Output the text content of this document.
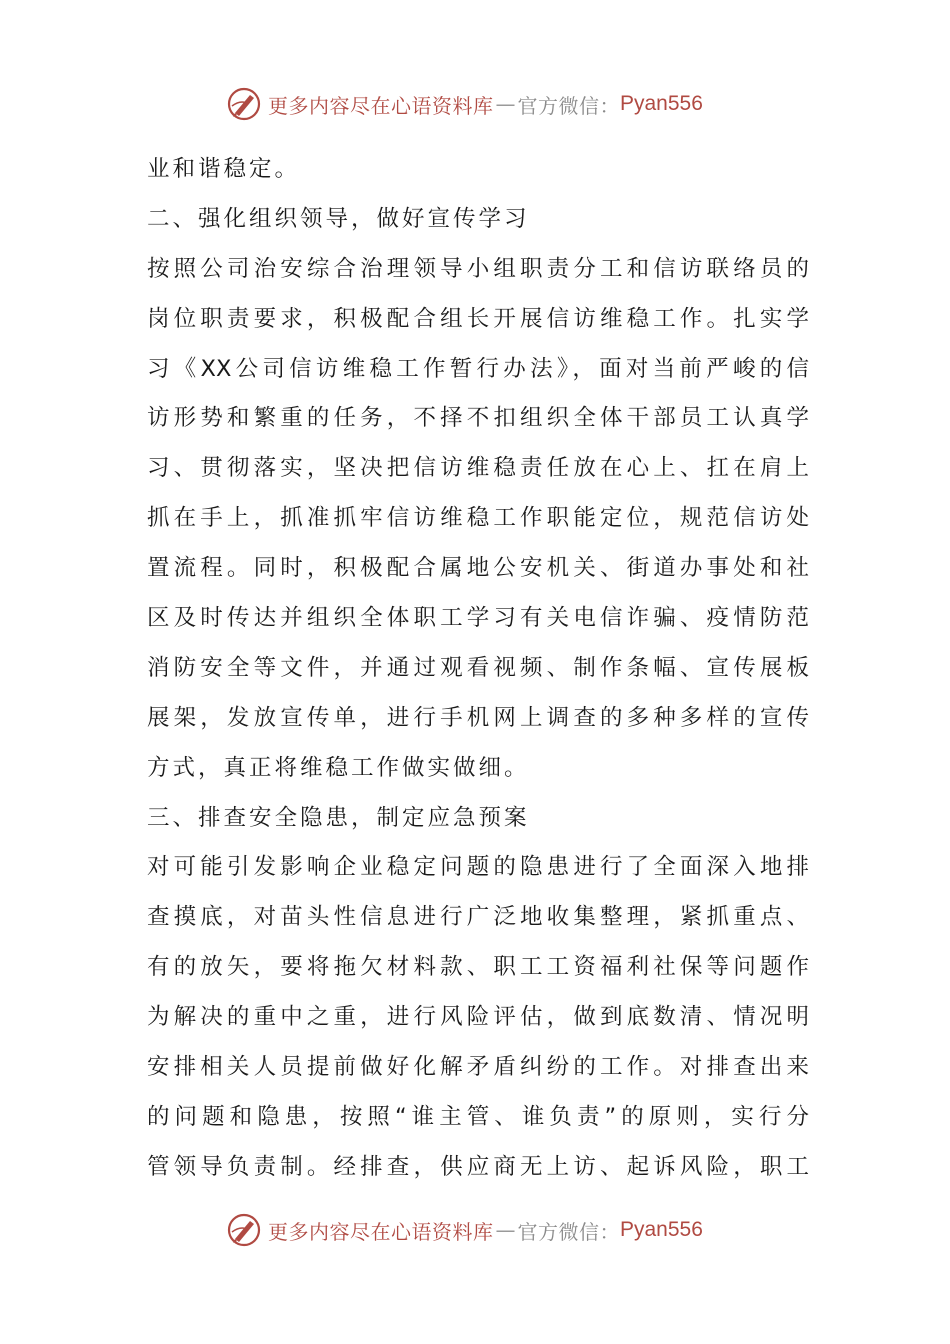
更多内容尽在心语资料库 — 官方微信： Pyan556
业和谐稳定。
二、强化组织领导，做好宣传学习
按照公司治安综合治理领导小组职责分工和信访联络员的
岗位职责要求，积极配合组长开展信访维稳工作。扎实学
习《XX公司信访维稳工作暂行办法》，面对当前严峻的信
访形势和繁重的任务，不择不扣组织全体干部员工认真学
习、贯彻落实，坚决把信访维稳责任放在心上、扛在肩上
抓在手上，抓准抓牢信访维稳工作职能定位，规范信访处
置流程。同时，积极配合属地公安机关、街道办事处和社
区及时传达并组织全体职工学习有关电信诈骗、疫情防范
消防安全等文件，并通过观看视频、制作条幅、宣传展板
展架，发放宣传单，进行手机网上调查的多种多样的宣传
方式，真正将维稳工作做实做细。
三、排查安全隐患，制定应急预案
对可能引发影响企业稳定问题的隐患进行了全面深入地排
查摸底，对苗头性信息进行广泛地收集整理，紧抓重点、
有的放矢，要将拖欠材料款、职工工资福利社保等问题作
为解决的重中之重，进行风险评估，做到底数清、情况明
安排相关人员提前做好化解矛盾纠纷的工作。对排查出来
的问题和隐患，按照“谁主管、谁负责”的原则，实行分
管领导负责制。经排查，供应商无上访、起诉风险，职工
更多内容尽在心语资料库 — 官方微信： Pyan556
